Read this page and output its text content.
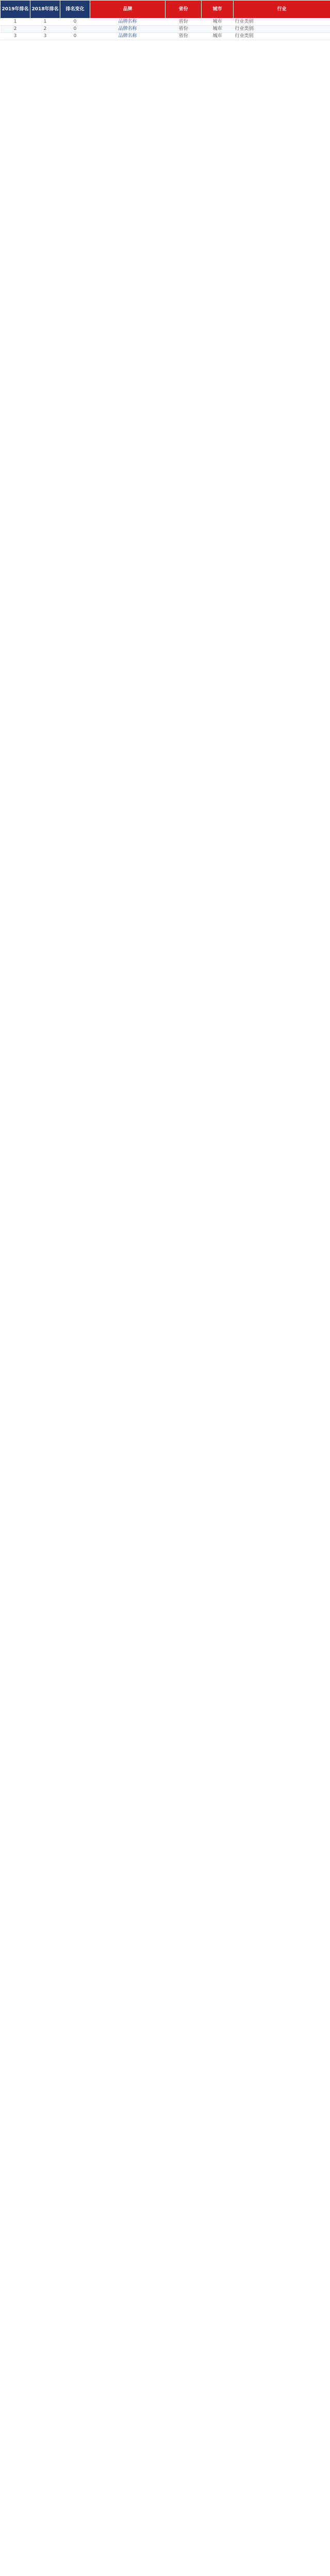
2019年排名	2018年排名	排名变化	品牌	省份	城市	行业
1	1	0	品牌名称	省份	城市	行业类别
2	2	0	品牌名称	省份	城市	行业类别
3	3	0	品牌名称	省份	城市	行业类别
